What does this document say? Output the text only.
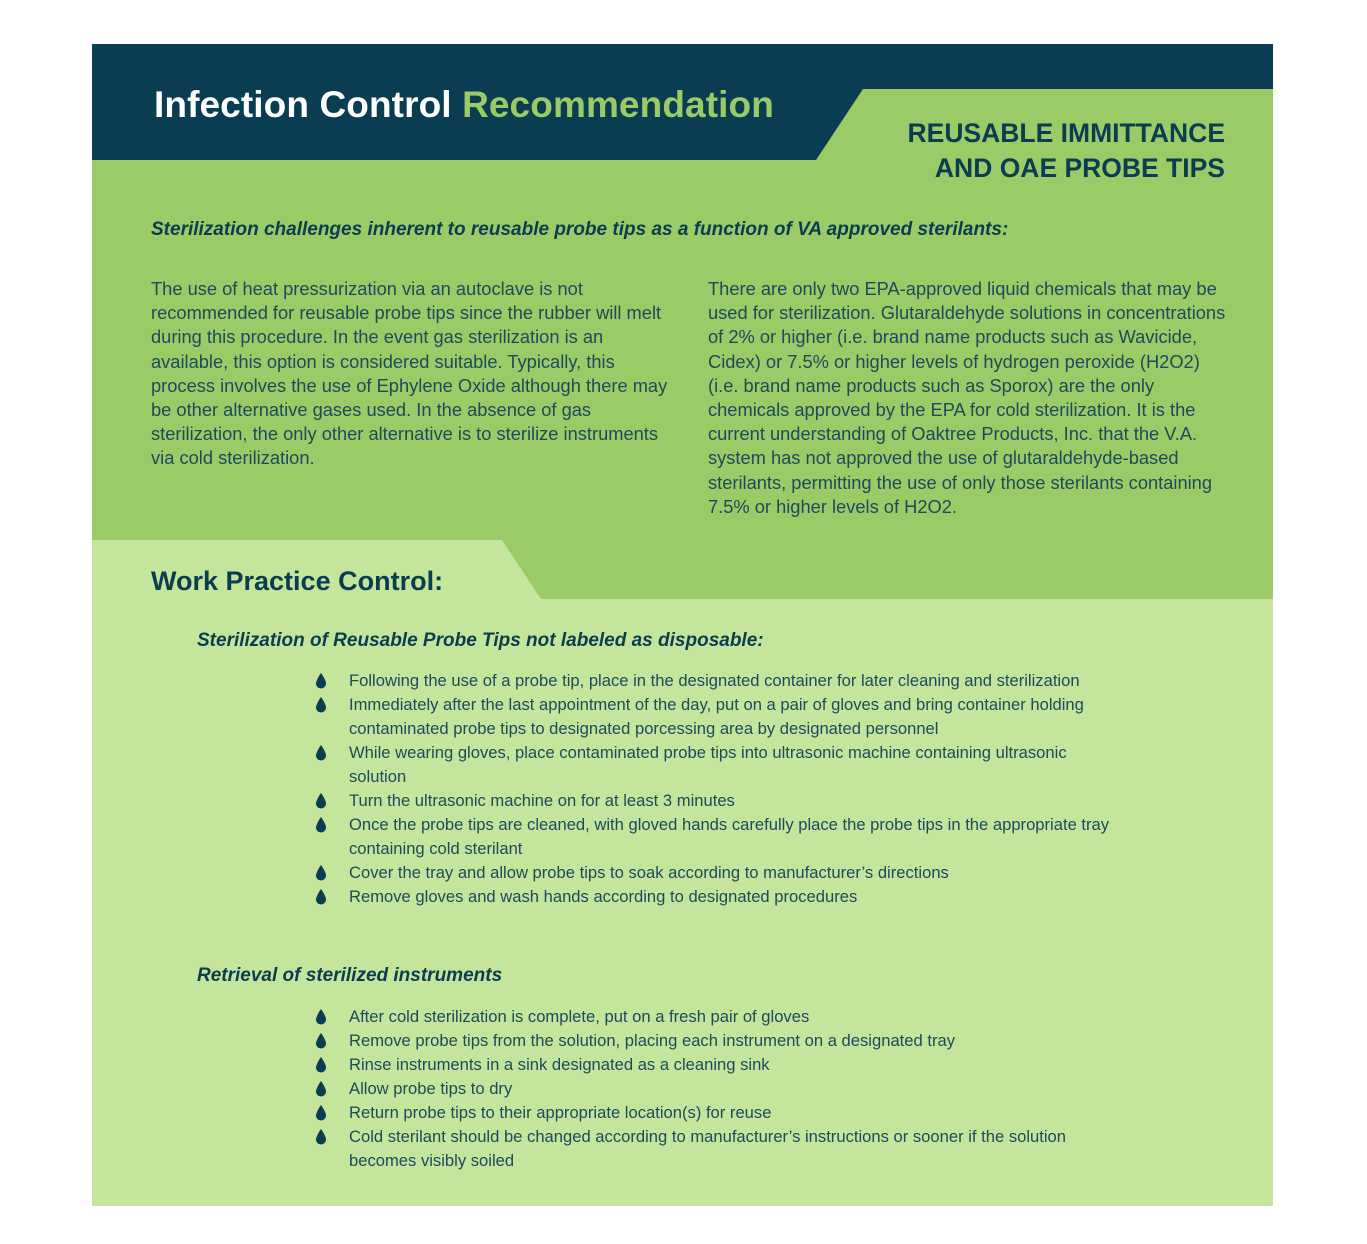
Infection Control Recommendation
REUSABLE IMMITTANCE
AND OAE PROBE TIPS
Sterilization challenges inherent to reusable probe tips as a function of VA approved sterilants:

The use of heat pressurization via an autoclave is not recommended for reusable probe tips since the rubber will melt during this procedure. In the event gas sterilization is an available, this option is considered suitable. Typically, this process involves the use of Ephylene Oxide although there may be other alternative gases used. In the absence of gas sterilization, the only other alternative is to sterilize instruments via cold sterilization.

There are only two EPA-approved liquid chemicals that may be used for sterilization. Glutaraldehyde solutions in concentrations of 2% or higher (i.e. brand name products such as Wavicide, Cidex) or 7.5% or higher levels of hydrogen peroxide (H2O2) (i.e. brand name products such as Sporox) are the only chemicals approved by the EPA for cold sterilization. It is the current understanding of Oaktree Products, Inc. that the V.A. system has not approved the use of glutaraldehyde-based sterilants, permitting the use of only those sterilants containing 7.5% or higher levels of H2O2.

Work Practice Control:
Sterilization of Reusable Probe Tips not labeled as disposable:
Following the use of a probe tip, place in the designated container for later cleaning and sterilization
Immediately after the last appointment of the day, put on a pair of gloves and bring container holding contaminated probe tips to designated porcessing area by designated personnel
While wearing gloves, place contaminated probe tips into ultrasonic machine containing ultrasonic solution
Turn the ultrasonic machine on for at least 3 minutes
Once the probe tips are cleaned, with gloved hands carefully place the probe tips in the appropriate tray containing cold sterilant
Cover the tray and allow probe tips to soak according to manufacturer’s directions
Remove gloves and wash hands according to designated procedures
Retrieval of sterilized instruments
After cold sterilization is complete, put on a fresh pair of gloves
Remove probe tips from the solution, placing each instrument on a designated tray
Rinse instruments in a sink designated as a cleaning sink
Allow probe tips to dry
Return probe tips to their appropriate location(s) for reuse
Cold sterilant should be changed according to manufacturer’s instructions or sooner if the solution becomes visibly soiled
